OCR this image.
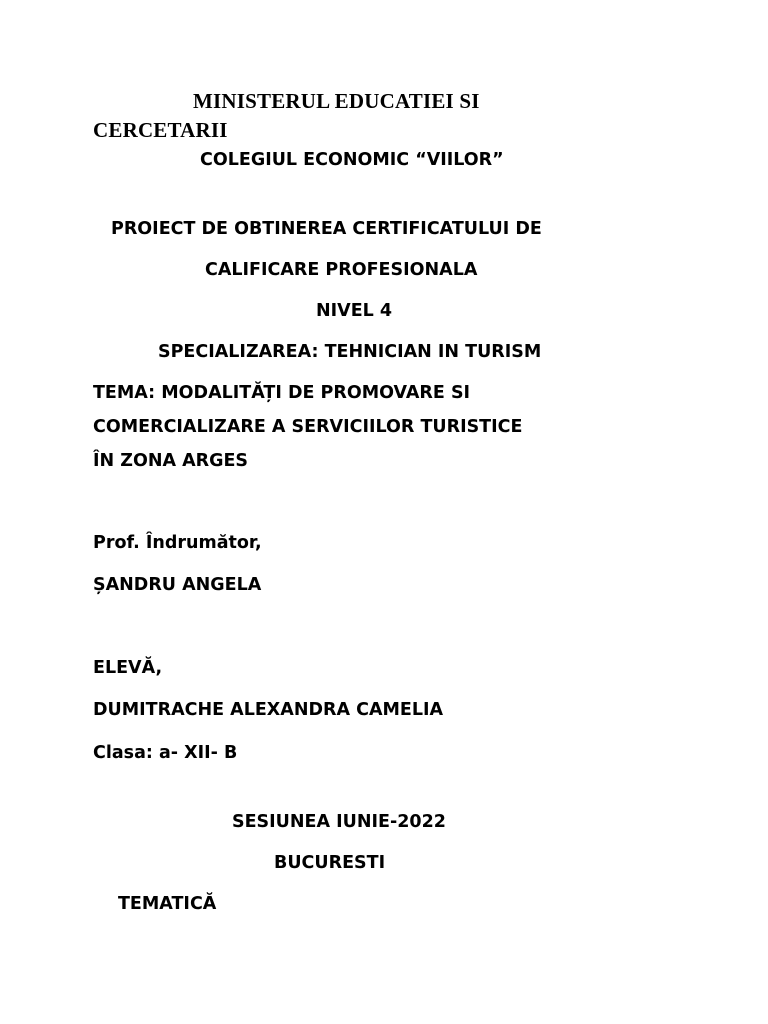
MINISTERUL EDUCATIEI SI
CERCETARII
COLEGIUL ECONOMIC “VIILOR”
PROIECT DE OBTINEREA CERTIFICATULUI DE
CALIFICARE PROFESIONALA
NIVEL 4
SPECIALIZAREA: TEHNICIAN IN TURISM
TEMA: MODALITĂȚI DE PROMOVARE SI
COMERCIALIZARE A SERVICIILOR TURISTICE
ÎN ZONA ARGES
Prof. Îndrumător,
ȘANDRU ANGELA
ELEVĂ,
DUMITRACHE ALEXANDRA CAMELIA
Clasa: a- XII- B
SESIUNEA IUNIE-2022
BUCURESTI
TEMATICĂ
